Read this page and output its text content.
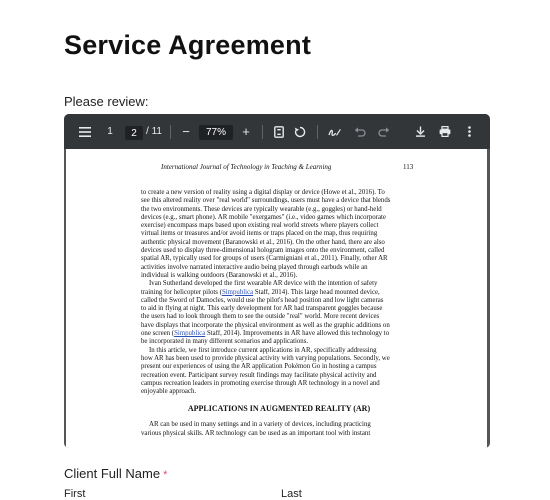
Service Agreement
Please review:
1	2 / 11	−	77%	+
International Journal of Technology in Teaching & Learning	113
to create a new version of reality using a digital display or device (Howe et al., 2016). To
see this altered reality over "real world" surroundings, users must have a device that blends
the two environments. These devices are typically wearable (e.g., goggles) or hand-held
devices (e.g., smart phone). AR mobile "exergames" (i.e., video games which incorporate
exercise) encompass maps based upon existing real world streets where players collect
virtual items or treasures and/or avoid items or traps placed on the map, thus requiring
authentic physical movement (Baranowski et al., 2016). On the other hand, there are also
devices used to display three-dimensional hologram images onto the environment, called
spatial AR, typically used for groups of users (Carmigniani et al., 2011). Finally, other AR
activities involve narrated interactive audio being played through earbuds while an
individual is walking outdoors (Baranowski et al., 2016).
Ivan Sutherland developed the first wearable AR device with the intention of safety
training for helicopter pilots (Simpublica Staff, 2014). This large head mounted device,
called the Sword of Damocles, would use the pilot's head position and low light cameras
to aid in flying at night. This early development for AR had transparent goggles because
the users had to look through them to see the outside "real" world. More recent devices
have displays that incorporate the physical environment as well as the graphic additions on
one screen (Simpublica Staff, 2014). Improvements in AR have allowed this technology to
be incorporated in many different scenarios and applications.
In this article, we first introduce current applications in AR, specifically addressing
how AR has been used to provide physical activity with varying populations. Secondly, we
present our experiences of using the AR application Pokémon Go in hosting a campus
recreation event. Participant survey result findings may facilitate physical activity and
campus recreation leaders in promoting exercise through AR technology in a novel and
enjoyable approach.
APPLICATIONS IN AUGMENTED REALITY (AR)
AR can be used in many settings and in a variety of devices, including practicing
various physical skills. AR technology can be used as an important tool with instant
Client Full Name *
First	Last
